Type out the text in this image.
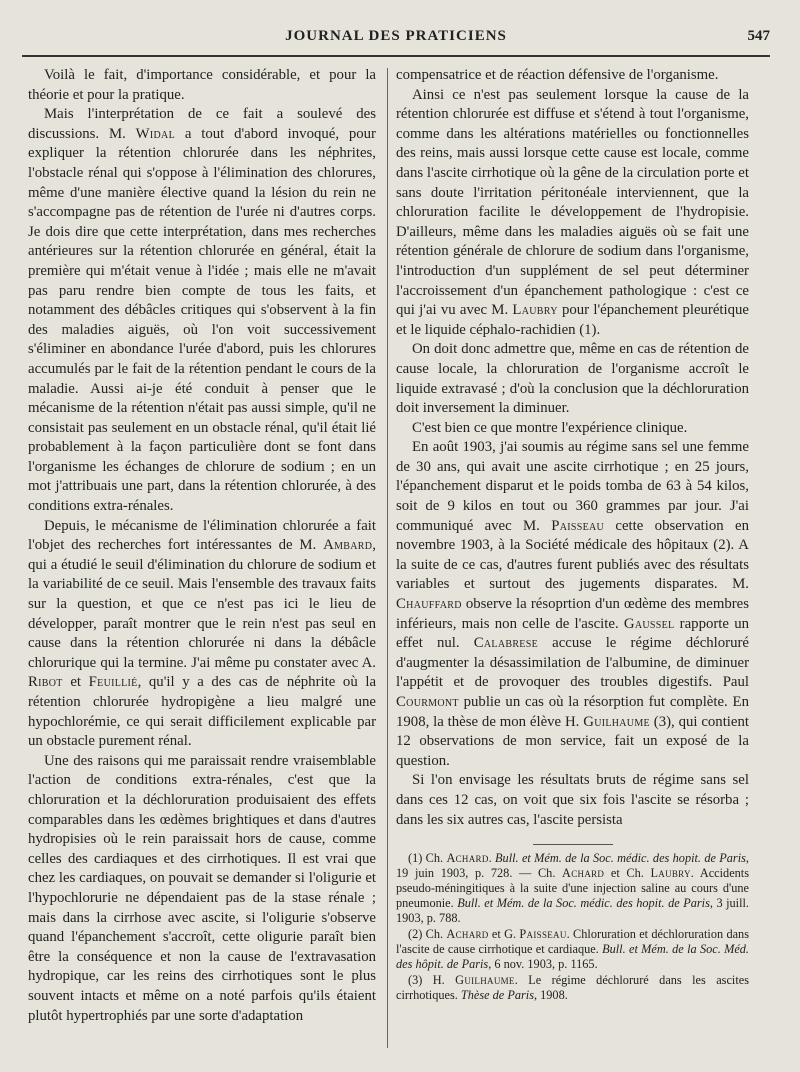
JOURNAL DES PRATICIENS	547

Voilà le fait, d'importance considérable, et pour la théorie et pour la pratique.

Mais l'interprétation de ce fait a soulevé des discussions. M. Widal a tout d'abord invoqué, pour expliquer la rétention chlorurée dans les néphrites, l'obstacle rénal qui s'oppose à l'élimination des chlorures, même d'une manière élective quand la lésion du rein ne s'accompagne pas de rétention de l'urée ni d'autres corps. Je dois dire que cette interprétation, dans mes recherches antérieures sur la rétention chlorurée en général, était la première qui m'était venue à l'idée ; mais elle ne m'avait pas paru rendre bien compte de tous les faits, et notamment des débâcles critiques qui s'observent à la fin des maladies aiguës, où l'on voit successivement s'éliminer en abondance l'urée d'abord, puis les chlorures accumulés par le fait de la rétention pendant le cours de la maladie. Aussi ai-je été conduit à penser que le mécanisme de la rétention n'était pas aussi simple, qu'il ne consistait pas seulement en un obstacle rénal, qu'il était lié probablement à la façon particulière dont se font dans l'organisme les échanges de chlorure de sodium ; en un mot j'attribuais une part, dans la rétention chlorurée, à des conditions extra-rénales.

Depuis, le mécanisme de l'élimination chlorurée a fait l'objet des recherches fort intéressantes de M. Ambard, qui a étudié le seuil d'élimination du chlorure de sodium et la variabilité de ce seuil. Mais l'ensemble des travaux faits sur la question, et que ce n'est pas ici le lieu de développer, paraît montrer que le rein n'est pas seul en cause dans la rétention chlorurée ni dans la débâcle chlorurique qui la termine. J'ai même pu constater avec A. Ribot et Feuillié, qu'il y a des cas de néphrite où la rétention chlorurée hydropigène a lieu malgré une hypochlorémie, ce qui serait difficilement explicable par un obstacle purement rénal.

Une des raisons qui me paraissait rendre vraisemblable l'action de conditions extra-rénales, c'est que la chloruration et la déchloruration produisaient des effets comparables dans les œdèmes brightiques et dans d'autres hydropisies où le rein paraissait hors de cause, comme celles des cardiaques et des cirrhotiques. Il est vrai que chez les cardiaques, on pouvait se demander si l'oligurie et l'hypochlorurie ne dépendaient pas de la stase rénale ; mais dans la cirrhose avec ascite, si l'oligurie s'observe quand l'épanchement s'accroît, cette oligurie paraît bien être la conséquence et non la cause de l'extravasation hydropique, car les reins des cirrhotiques sont le plus souvent intacts et même on a noté parfois qu'ils étaient plutôt hypertrophiés par une sorte d'adaptation

compensatrice et de réaction défensive de l'organisme.

Ainsi ce n'est pas seulement lorsque la cause de la rétention chlorurée est diffuse et s'étend à tout l'organisme, comme dans les altérations matérielles ou fonctionnelles des reins, mais aussi lorsque cette cause est locale, comme dans l'ascite cirrhotique où la gêne de la circulation porte et sans doute l'irritation péritonéale interviennent, que la chloruration facilite le développement de l'hydropisie. D'ailleurs, même dans les maladies aiguës où se fait une rétention générale de chlorure de sodium dans l'organisme, l'introduction d'un supplément de sel peut déterminer l'accroissement d'un épanchement pathologique : c'est ce qui j'ai vu avec M. Laubry pour l'épanchement pleurétique et le liquide céphalo-rachidien (1).

On doit donc admettre que, même en cas de rétention de cause locale, la chloruration de l'organisme accroît le liquide extravasé ; d'où la conclusion que la déchloruration doit inversement la diminuer.

C'est bien ce que montre l'expérience clinique.

En août 1903, j'ai soumis au régime sans sel une femme de 30 ans, qui avait une ascite cirrhotique ; en 25 jours, l'épanchement disparut et le poids tomba de 63 à 54 kilos, soit de 9 kilos en tout ou 360 grammes par jour. J'ai communiqué avec M. Paisseau cette observation en novembre 1903, à la Société médicale des hôpitaux (2). A la suite de ce cas, d'autres furent publiés avec des résultats variables et surtout des jugements disparates. M. Chauffard observe la résoprtion d'un œdème des membres inférieurs, mais non celle de l'ascite. Gaussel rapporte un effet nul. Calabrese accuse le régime déchloruré d'augmenter la désassimilation de l'albumine, de diminuer l'appétit et de provoquer des troubles digestifs. Paul Courmont publie un cas où la résorption fut complète. En 1908, la thèse de mon élève H. Guilhaume (3), qui contient 12 observations de mon service, fait un exposé de la question.

Si l'on envisage les résultats bruts de régime sans sel dans ces 12 cas, on voit que six fois l'ascite se résorba ; dans les six autres cas, l'ascite persista

(1) Ch. Achard. Bull. et Mém. de la Soc. médic. des hopit. de Paris, 19 juin 1903, p. 728. — Ch. Achard et Ch. Laubry. Accidents pseudo-méningitiques à la suite d'une injection saline au cours d'une pneumonie. Bull. et Mém. de la Soc. médic. des hopit. de Paris, 3 juill. 1903, p. 788.

(2) Ch. Achard et G. Paisseau. Chloruration et déchloruration dans l'ascite de cause cirrhotique et cardiaque. Bull. et Mém. de la Soc. Méd. des hôpit. de Paris, 6 nov. 1903, p. 1165.

(3) H. Guilhaume. Le régime déchloruré dans les ascites cirrhotiques. Thèse de Paris, 1908.
